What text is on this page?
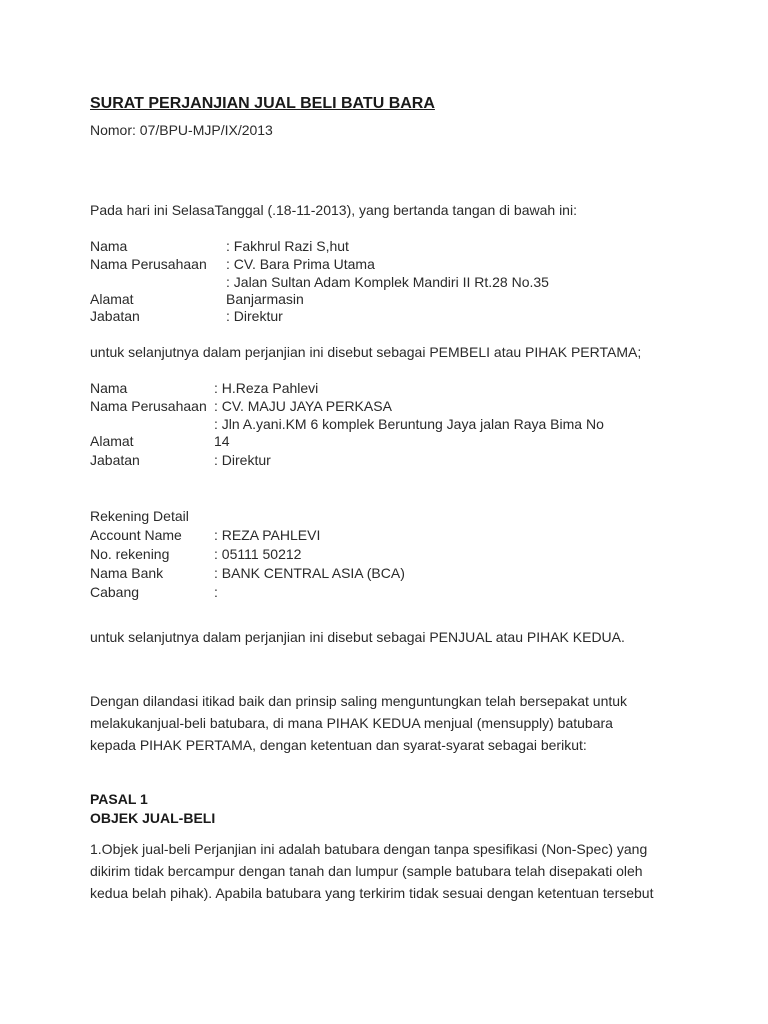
SURAT PERJANJIAN JUAL BELI BATU BARA
Nomor: 07/BPU-MJP/IX/2013
Pada hari ini SelasaTanggal (.18-11-2013), yang bertanda tangan di bawah ini:
Nama	: Fakhrul Razi S,hut
Nama Perusahaan : CV. Bara Prima Utama
: Jalan Sultan Adam Komplek Mandiri II Rt.28 No.35
Alamat	Banjarmasin
Jabatan	: Direktur
untuk selanjutnya dalam perjanjian ini disebut sebagai PEMBELI atau PIHAK PERTAMA;
Nama	: H.Reza Pahlevi
Nama Perusahaan : CV. MAJU JAYA PERKASA
: Jln A.yani.KM 6 komplek Beruntung Jaya jalan Raya Bima No
Alamat	14
Jabatan	: Direktur
Rekening Detail
Account Name : REZA PAHLEVI
No. rekening	: 05111 50212
Nama Bank	: BANK CENTRAL ASIA (BCA)
Cabang	:
untuk selanjutnya dalam perjanjian ini disebut sebagai PENJUAL atau PIHAK KEDUA.
Dengan dilandasi itikad baik dan prinsip saling menguntungkan telah bersepakat untuk
melakukanjual-beli batubara, di mana PIHAK KEDUA menjual (mensupply) batubara
kepada PIHAK PERTAMA, dengan ketentuan dan syarat-syarat sebagai berikut:
PASAL 1
OBJEK JUAL-BELI
1.Objek jual-beli Perjanjian ini adalah batubara dengan tanpa spesifikasi (Non-Spec) yang
dikirim tidak bercampur dengan tanah dan lumpur (sample batubara telah disepakati oleh
kedua belah pihak). Apabila batubara yang terkirim tidak sesuai dengan ketentuan tersebut
